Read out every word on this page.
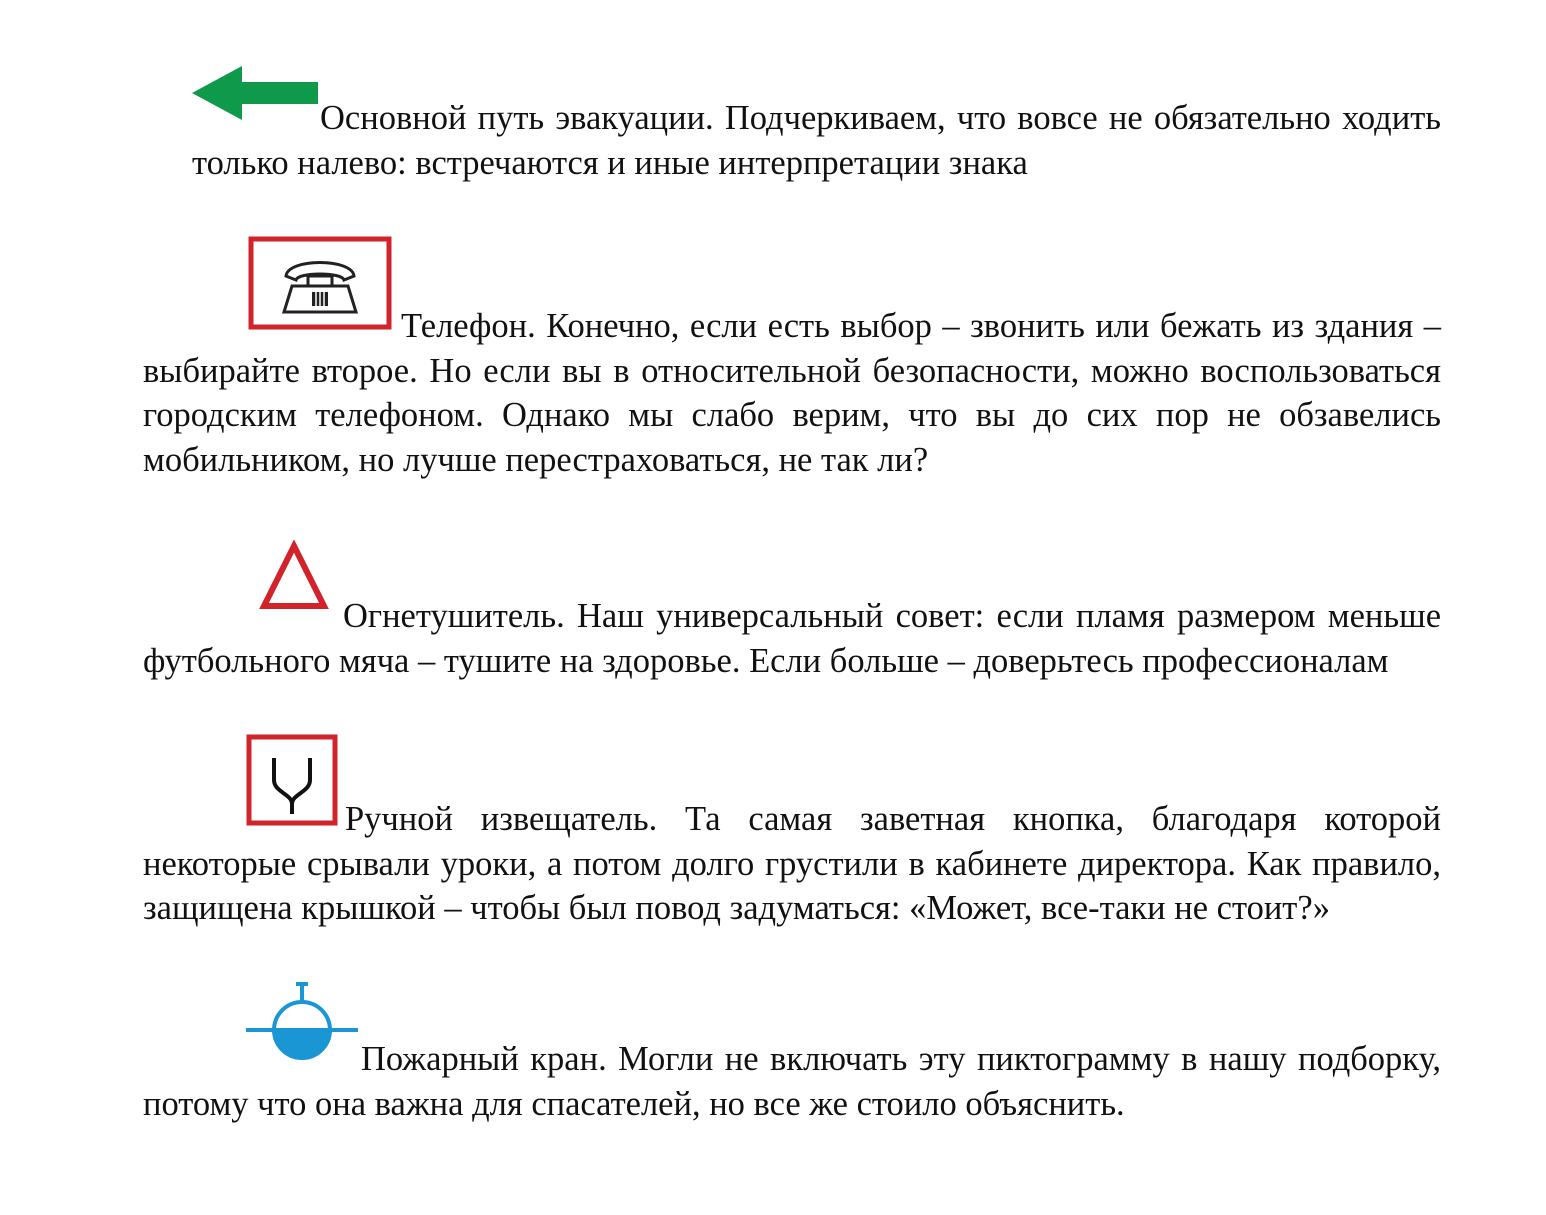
Основной путь эвакуации. Подчеркиваем, что вовсе не обязательно ходить только налево: встречаются и иные интерпретации знака

Телефон. Конечно, если есть выбор – звонить или бежать из здания – выбирайте второе. Но если вы в относительной безопасности, можно воспользоваться городским телефоном. Однако мы слабо верим, что вы до сих пор не обзавелись мобильником, но лучше перестраховаться, не так ли?

Огнетушитель. Наш универсальный совет: если пламя размером меньше футбольного мяча – тушите на здоровье. Если больше – доверьтесь профессионалам

Ручной извещатель. Та самая заветная кнопка, благодаря которой некоторые срывали уроки, а потом долго грустили в кабинете директора. Как правило, защищена крышкой – чтобы был повод задуматься: «Может, все-таки не стоит?»

Пожарный кран. Могли не включать эту пиктограмму в нашу подборку, потому что она важна для спасателей, но все же стоило объяснить.
